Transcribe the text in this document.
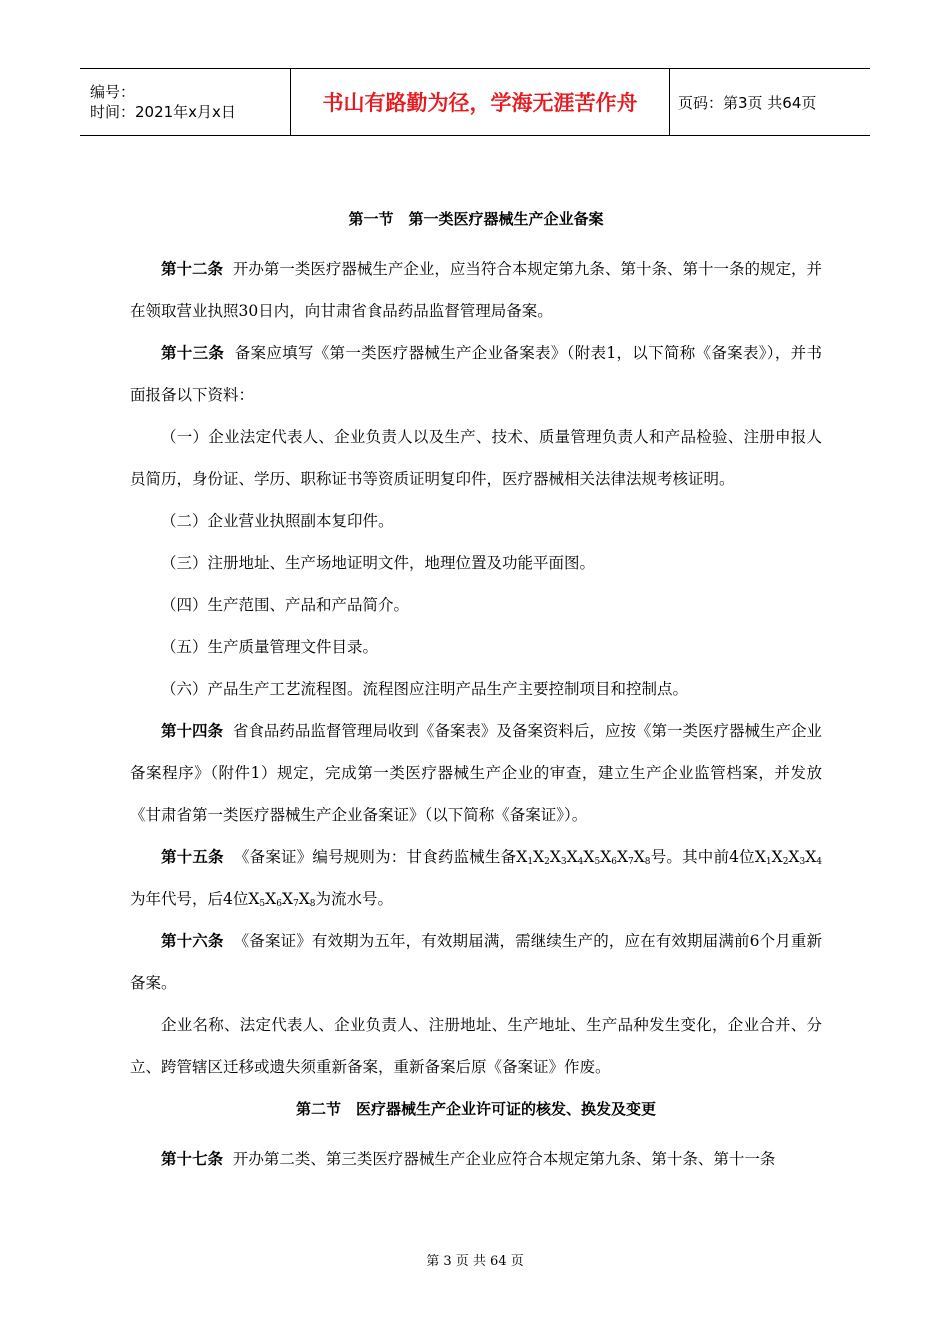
编号：
时间：2021年x月x日	书山有路勤为径，学海无涯苦作舟	页码：第3页 共64页

第一节　第一类医疗器械生产企业备案

第十二条 开办第一类医疗器械生产企业，应当符合本规定第九条、第十条、第十一条的规定，并在领取营业执照30日内，向甘肃省食品药品监督管理局备案。

第十三条 备案应填写《第一类医疗器械生产企业备案表》（附表1，以下简称《备案表》），并书面报备以下资料：

（一）企业法定代表人、企业负责人以及生产、技术、质量管理负责人和产品检验、注册申报人员简历，身份证、学历、职称证书等资质证明复印件，医疗器械相关法律法规考核证明。

（二）企业营业执照副本复印件。

（三）注册地址、生产场地证明文件，地理位置及功能平面图。

（四）生产范围、产品和产品简介。

（五）生产质量管理文件目录。

（六）产品生产工艺流程图。流程图应注明产品生产主要控制项目和控制点。

第十四条 省食品药品监督管理局收到《备案表》及备案资料后，应按《第一类医疗器械生产企业备案程序》（附件1）规定，完成第一类医疗器械生产企业的审查，建立生产企业监管档案，并发放《甘肃省第一类医疗器械生产企业备案证》（以下简称《备案证》）。

第十五条 《备案证》编号规则为：甘食药监械生备$X_1X_2X_3X_4X_5X_6X_7X_8$号。其中前4位$X_1X_2X_3X_4$为年代号，后4位$X_5X_6X_7X_8$为流水号。

第十六条 《备案证》有效期为五年，有效期届满，需继续生产的，应在有效期届满前6个月重新备案。

企业名称、法定代表人、企业负责人、注册地址、生产地址、生产品种发生变化，企业合并、分立、跨管辖区迁移或遗失须重新备案，重新备案后原《备案证》作废。

第二节　医疗器械生产企业许可证的核发、换发及变更

第十七条 开办第二类、第三类医疗器械生产企业应符合本规定第九条、第十条、第十一条

第 3 页 共 64 页
